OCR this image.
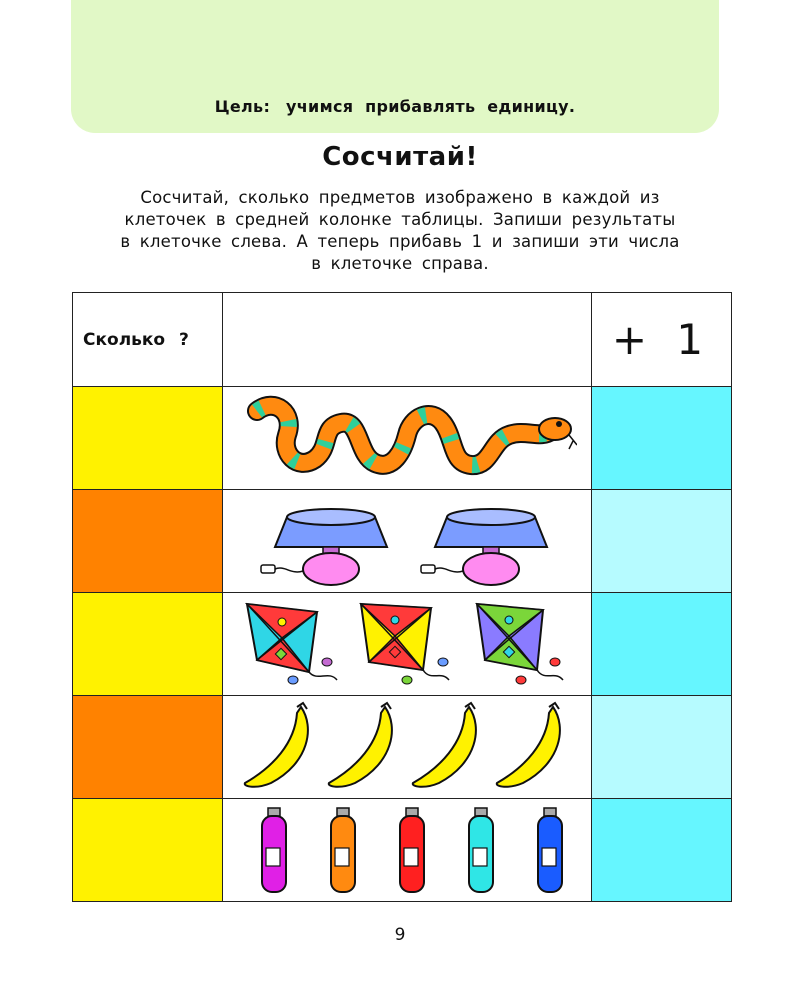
Цель: учимся прибавлять единицу.
Сосчитай!
Сосчитай, сколько предметов изображено в каждой из
клеточек в средней колонке таблицы. Запиши результаты
в клеточке слева. А теперь прибавь 1 и запиши эти числа
в клеточке справа.
Сколько ?		+ 1

9
